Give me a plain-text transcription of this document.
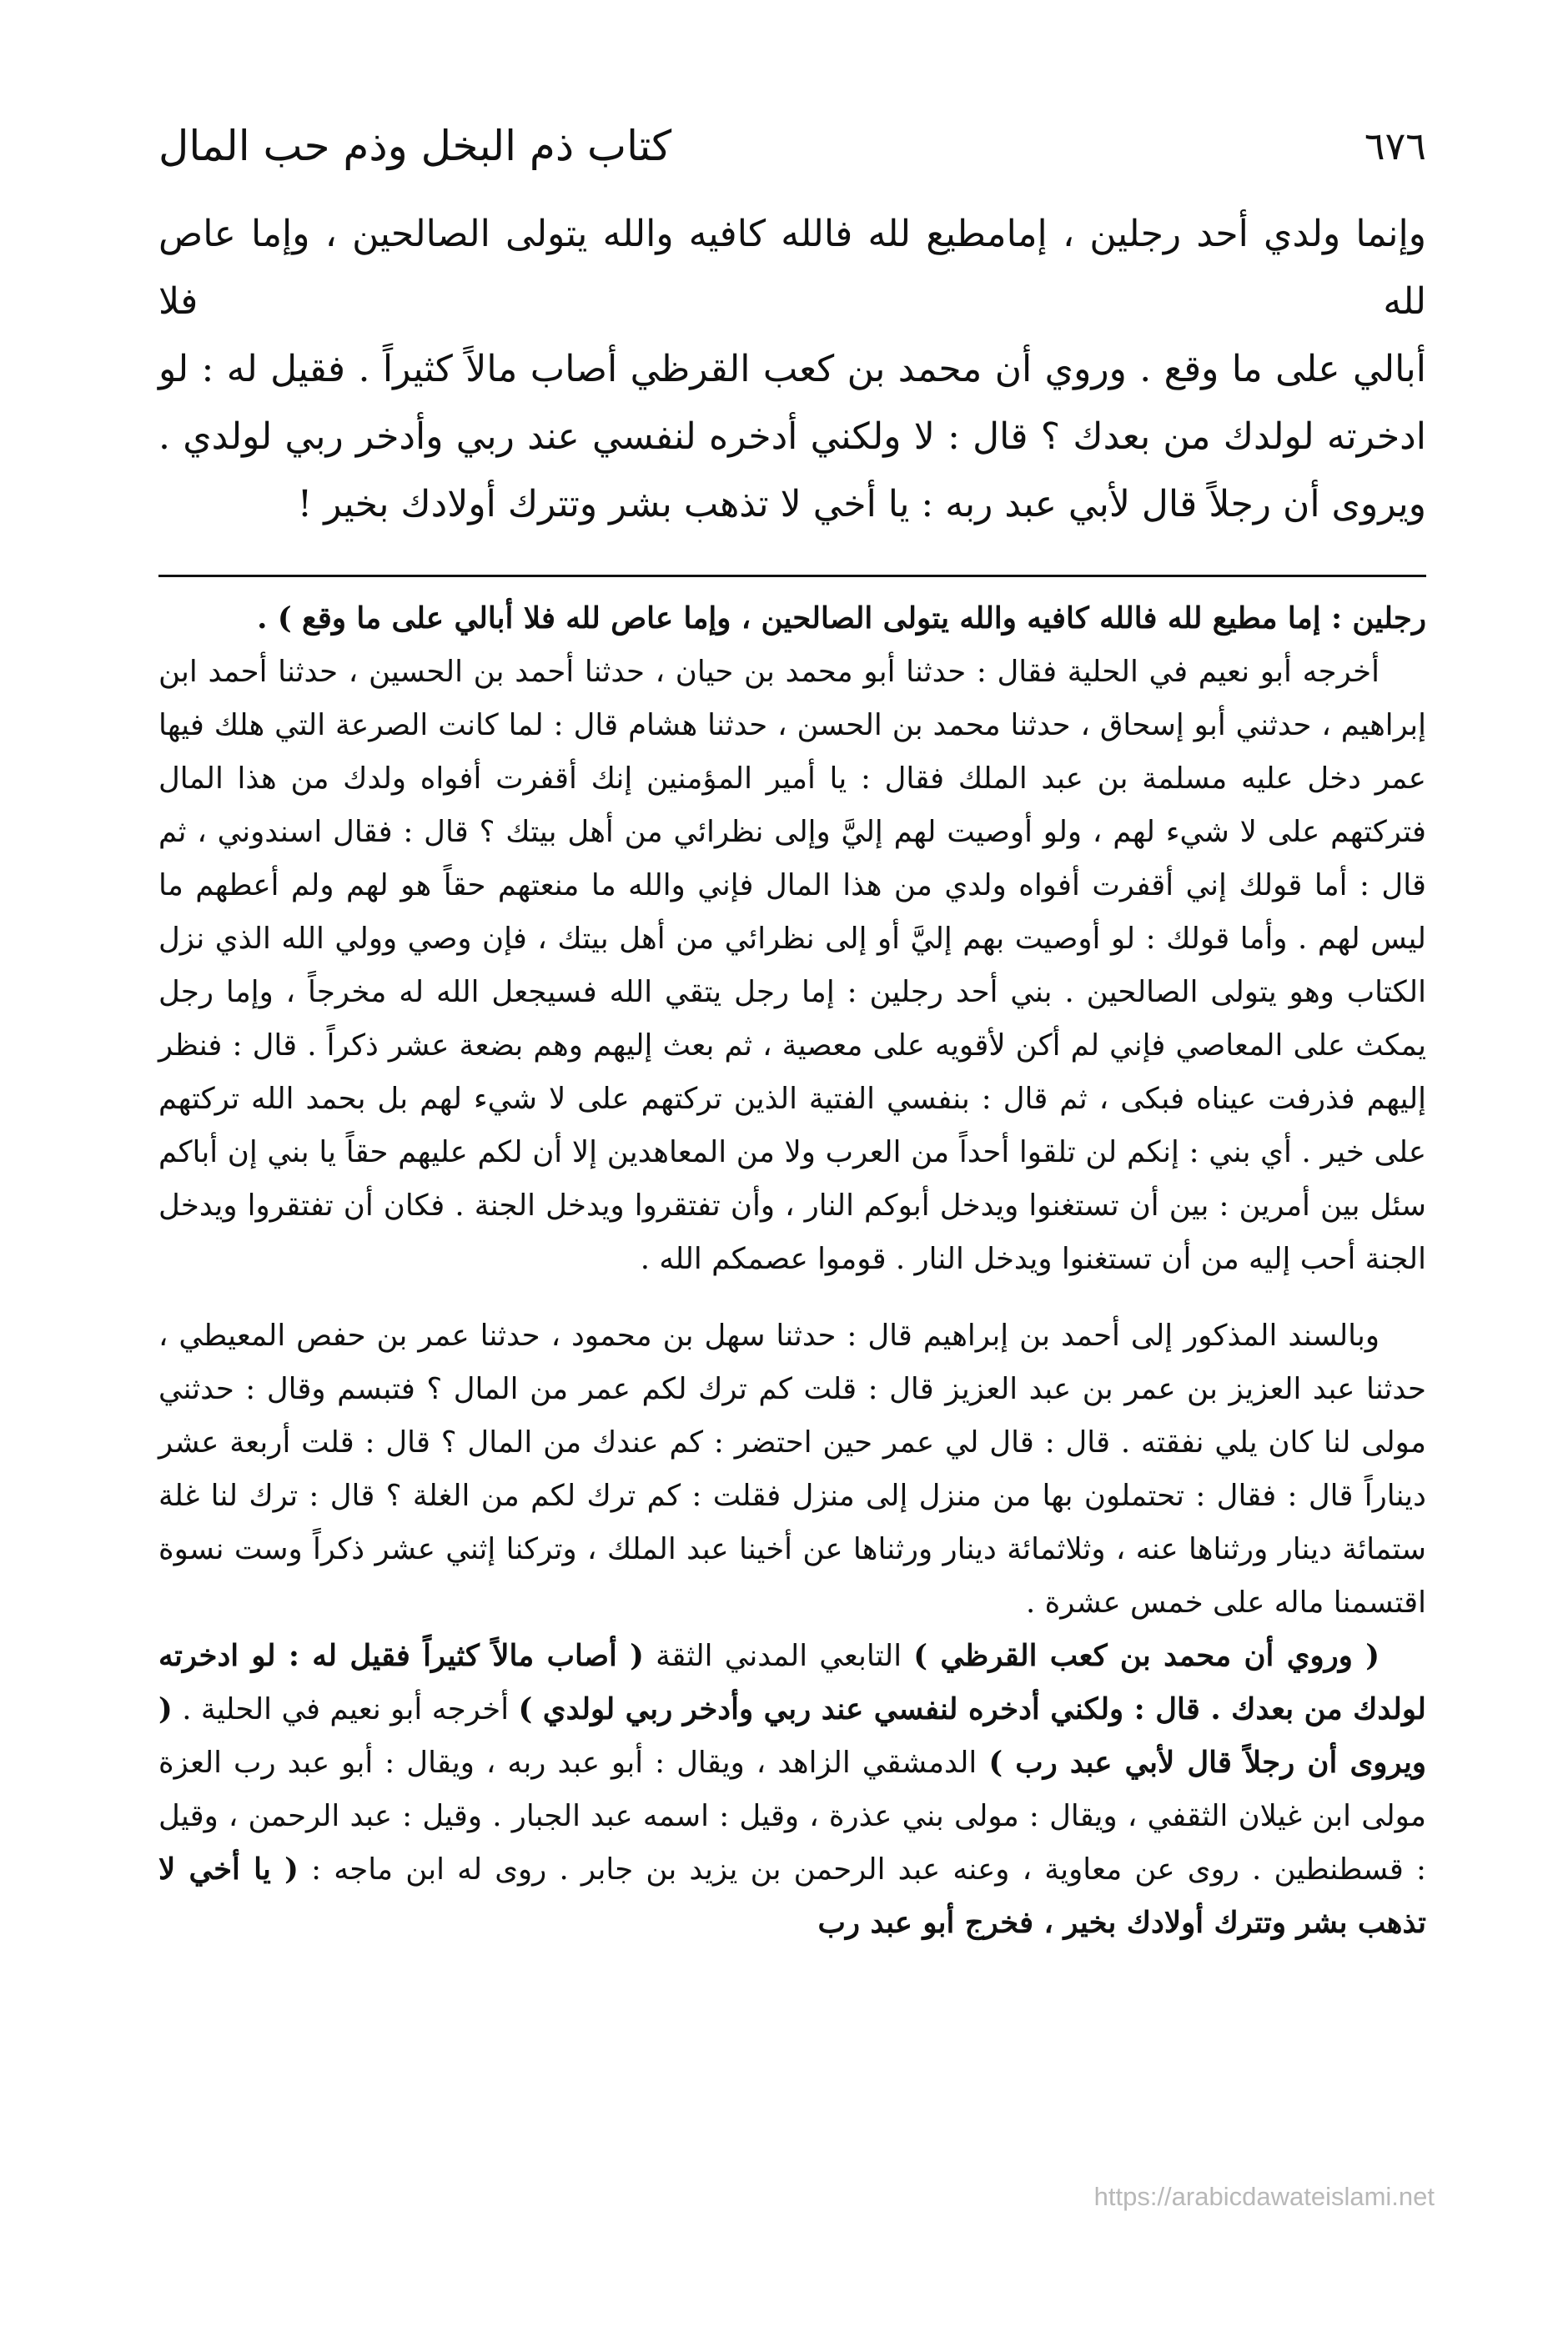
٦٧٦
كتاب ذم البخل وذم حب المال

وإنما ولدي أحد رجلين ، إمامطيع لله فالله كافيه والله يتولى الصالحين ، وإما عاص لله فلا

أبالي على ما وقع . وروي أن محمد بن كعب القرظي أصاب مالاً كثيراً . فقيل له : لو

ادخرته لولدك من بعدك ؟ قال : لا ولكني أدخره لنفسي عند ربي وأدخر ربي لولدي .

ويروى أن رجلاً قال لأبي عبد ربه : يا أخي لا تذهب بشر وتترك أولادك بخير !

رجلين : إما مطيع لله فالله كافيه والله يتولى الصالحين ، وإما عاص لله فلا أبالي على ما وقع ) .

أخرجه أبو نعيم في الحلية فقال : حدثنا أبو محمد بن حيان ، حدثنا أحمد بن الحسين ، حدثنا أحمد ابن إبراهيم ، حدثني أبو إسحاق ، حدثنا محمد بن الحسن ، حدثنا هشام قال : لما كانت الصرعة التي هلك فيها عمر دخل عليه مسلمة بن عبد الملك فقال : يا أمير المؤمنين إنك أقفرت أفواه ولدك من هذا المال فتركتهم على لا شيء لهم ، ولو أوصيت لهم إليَّ وإلى نظرائي من أهل بيتك ؟ قال : فقال اسندوني ، ثم قال : أما قولك إني أقفرت أفواه ولدي من هذا المال فإني والله ما منعتهم حقاً هو لهم ولم أعطهم ما ليس لهم . وأما قولك : لو أوصيت بهم إليَّ أو إلى نظرائي من أهل بيتك ، فإن وصي وولي الله الذي نزل الكتاب وهو يتولى الصالحين . بني أحد رجلين : إما رجل يتقي الله فسيجعل الله له مخرجاً ، وإما رجل يمكث على المعاصي فإني لم أكن لأقويه على معصية ، ثم بعث إليهم وهم بضعة عشر ذكراً . قال : فنظر إليهم فذرفت عيناه فبكى ، ثم قال : بنفسي الفتية الذين تركتهم على لا شيء لهم بل بحمد الله تركتهم على خير . أي بني : إنكم لن تلقوا أحداً من العرب ولا من المعاهدين إلا أن لكم عليهم حقاً يا بني إن أباكم سئل بين أمرين : بين أن تستغنوا ويدخل أبوكم النار ، وأن تفتقروا ويدخل الجنة . فكان أن تفتقروا ويدخل الجنة أحب إليه من أن تستغنوا ويدخل النار . قوموا عصمكم الله .

وبالسند المذكور إلى أحمد بن إبراهيم قال : حدثنا سهل بن محمود ، حدثنا عمر بن حفص المعيطي ، حدثنا عبد العزيز بن عمر بن عبد العزيز قال : قلت كم ترك لكم عمر من المال ؟ فتبسم وقال : حدثني مولى لنا كان يلي نفقته . قال : قال لي عمر حين احتضر : كم عندك من المال ؟ قال : قلت أربعة عشر ديناراً قال : فقال : تحتملون بها من منزل إلى منزل فقلت : كم ترك لكم من الغلة ؟ قال : ترك لنا غلة ستمائة دينار ورثناها عنه ، وثلاثمائة دينار ورثناها عن أخينا عبد الملك ، وتركنا إثني عشر ذكراً وست نسوة اقتسمنا ماله على خمس عشرة .

( وروي أن محمد بن كعب القرظي ) التابعي المدني الثقة ( أصاب مالاً كثيراً فقيل له : لو ادخرته لولدك من بعدك . قال : ولكني أدخره لنفسي عند ربي وأدخر ربي لولدي ) أخرجه أبو نعيم في الحلية . ( ويروى أن رجلاً قال لأبي عبد رب ) الدمشقي الزاهد ، ويقال : أبو عبد ربه ، ويقال : أبو عبد رب العزة مولى ابن غيلان الثقفي ، ويقال : مولى بني عذرة ، وقيل : اسمه عبد الجبار . وقيل : عبد الرحمن ، وقيل : قسطنطين . روى عن معاوية ، وعنه عبد الرحمن بن يزيد بن جابر . روى له ابن ماجه : ( يا أخي لا تذهب بشر وتترك أولادك بخير ، فخرج أبو عبد رب

https://arabicdawateislami.net
